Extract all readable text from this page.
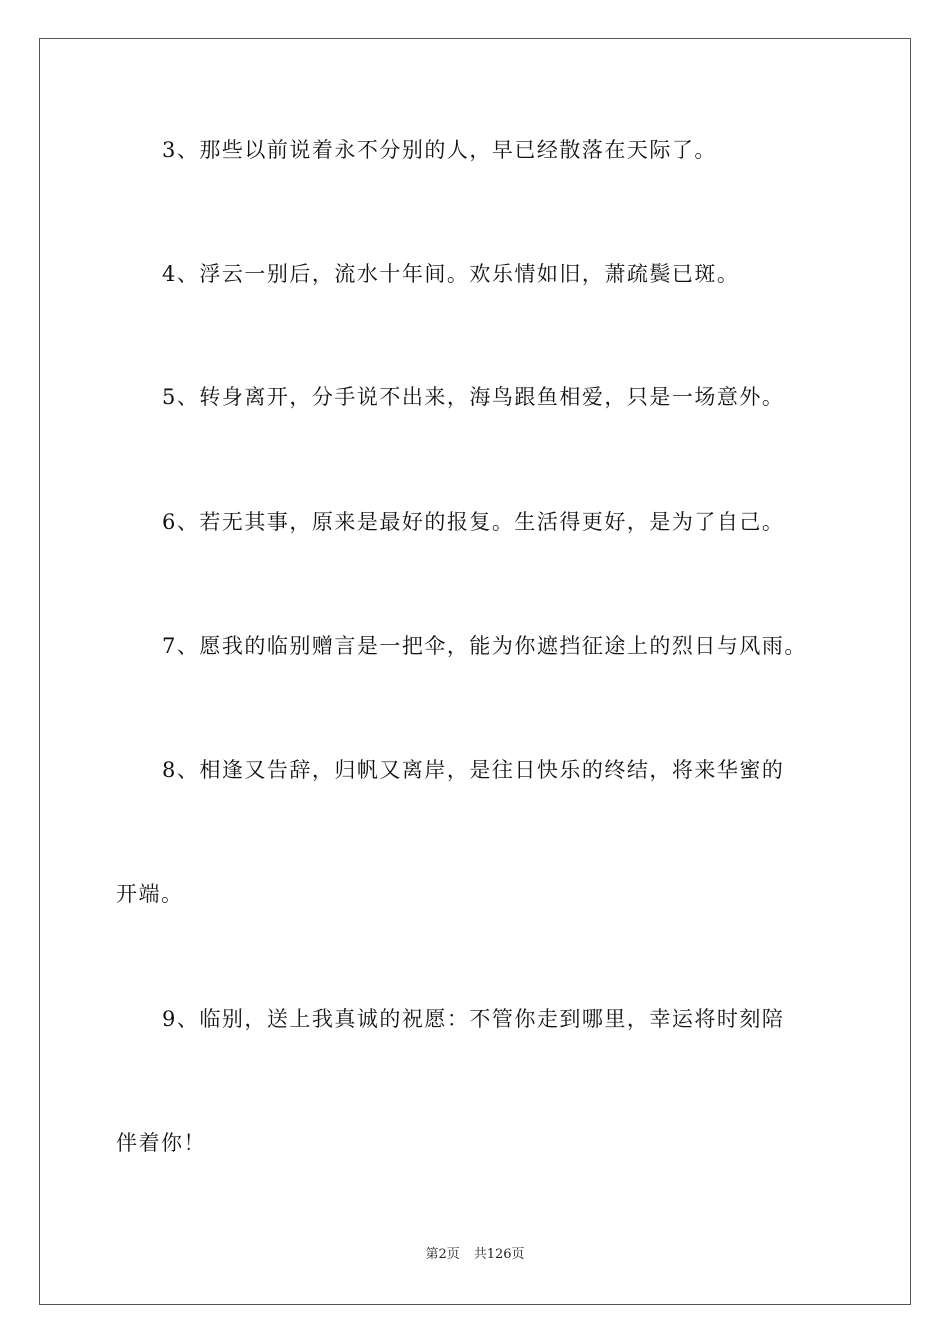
3、那些以前说着永不分别的人，早已经散落在天际了。
4、浮云一别后，流水十年间。欢乐情如旧，萧疏鬓已斑。
5、转身离开，分手说不出来，海鸟跟鱼相爱，只是一场意外。
6、若无其事，原来是最好的报复。生活得更好，是为了自己。
7、愿我的临别赠言是一把伞，能为你遮挡征途上的烈日与风雨。
8、相逢又告辞，归帆又离岸，是往日快乐的终结，将来华蜜的
开端。
9、临别，送上我真诚的祝愿：不管你走到哪里，幸运将时刻陪
伴着你！
第2页 共126页
